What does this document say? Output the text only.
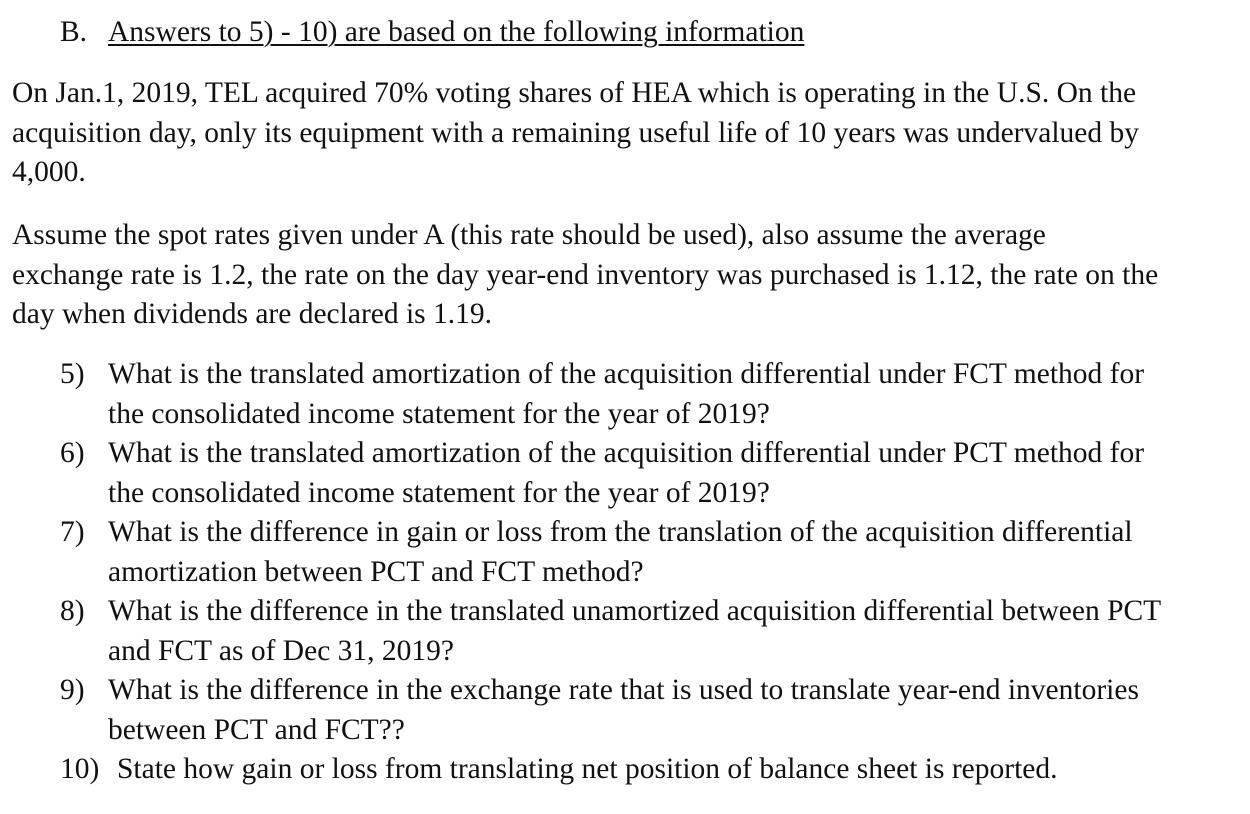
B. Answers to 5) - 10) are based on the following information
On Jan.1, 2019, TEL acquired 70% voting shares of HEA which is operating in the U.S. On the
acquisition day, only its equipment with a remaining useful life of 10 years was undervalued by
4,000.
Assume the spot rates given under A (this rate should be used), also assume the average
exchange rate is 1.2, the rate on the day year-end inventory was purchased is 1.12, the rate on the
day when dividends are declared is 1.19.
5) What is the translated amortization of the acquisition differential under FCT method for
the consolidated income statement for the year of 2019?
6) What is the translated amortization of the acquisition differential under PCT method for
the consolidated income statement for the year of 2019?
7) What is the difference in gain or loss from the translation of the acquisition differential
amortization between PCT and FCT method?
8) What is the difference in the translated unamortized acquisition differential between PCT
and FCT as of Dec 31, 2019?
9) What is the difference in the exchange rate that is used to translate year-end inventories
between PCT and FCT??
10) State how gain or loss from translating net position of balance sheet is reported.
